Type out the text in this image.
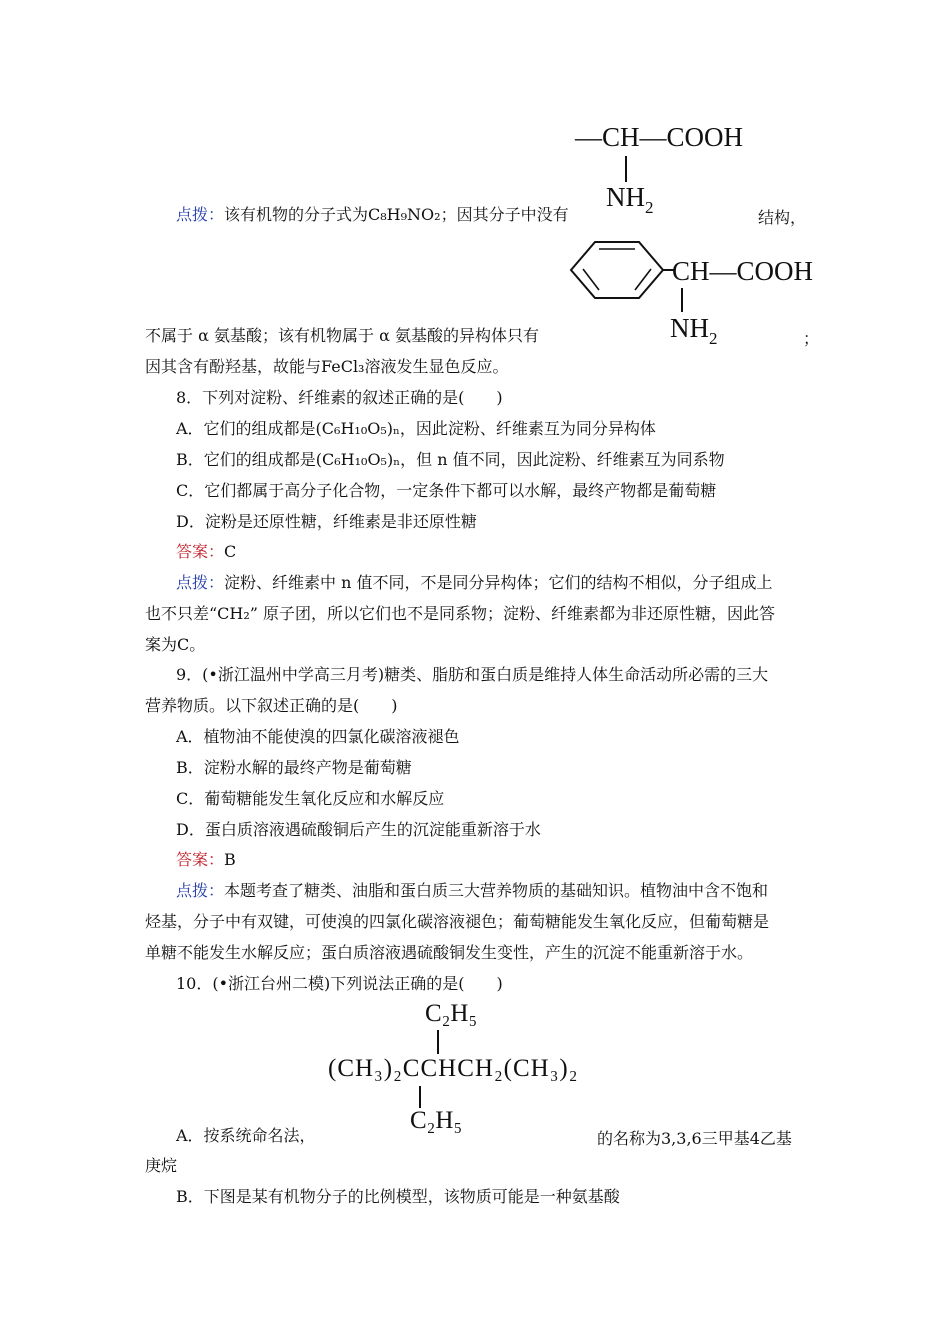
—CH—COOH
$NH_2$
点拨：该有机物的分子式为C₈H₉NO₂；因其分子中没有	结构，
CH—COOH
$NH_2$
不属于 α 氨基酸；该有机物属于 α 氨基酸的异构体只有	；
因其含有酚羟基，故能与FeCl₃溶液发生显色反应。
8．下列对淀粉、纤维素的叙述正确的是(　　)
A．它们的组成都是(C₆H₁₀O₅)ₙ，因此淀粉、纤维素互为同分异构体
B．它们的组成都是(C₆H₁₀O₅)ₙ，但 n 值不同，因此淀粉、纤维素互为同系物
C．它们都属于高分子化合物，一定条件下都可以水解，最终产物都是葡萄糖
D．淀粉是还原性糖，纤维素是非还原性糖
答案：C
点拨：淀粉、纤维素中 n 值不同，不是同分异构体；它们的结构不相似，分子组成上
也不只差“CH₂” 原子团，所以它们也不是同系物；淀粉、纤维素都为非还原性糖，因此答
案为C。
9．(•浙江温州中学高三月考)糖类、脂肪和蛋白质是维持人体生命活动所必需的三大
营养物质。以下叙述正确的是(　　)
A．植物油不能使溴的四氯化碳溶液褪色
B．淀粉水解的最终产物是葡萄糖
C．葡萄糖能发生氧化反应和水解反应
D．蛋白质溶液遇硫酸铜后产生的沉淀能重新溶于水
答案：B
点拨：本题考查了糖类、油脂和蛋白质三大营养物质的基础知识。植物油中含不饱和
烃基，分子中有双键，可使溴的四氯化碳溶液褪色；葡萄糖能发生氧化反应，但葡萄糖是
单糖不能发生水解反应；蛋白质溶液遇硫酸铜发生变性，产生的沉淀不能重新溶于水。
10．(•浙江台州二模)下列说法正确的是(　　)
C₂H₅
(CH₃)₂CCHCH₂(CH₃)₂
C₂H₅
A．按系统命名法，	的名称为3,3,6三甲基4乙基
庚烷
B．下图是某有机物分子的比例模型，该物质可能是一种氨基酸
